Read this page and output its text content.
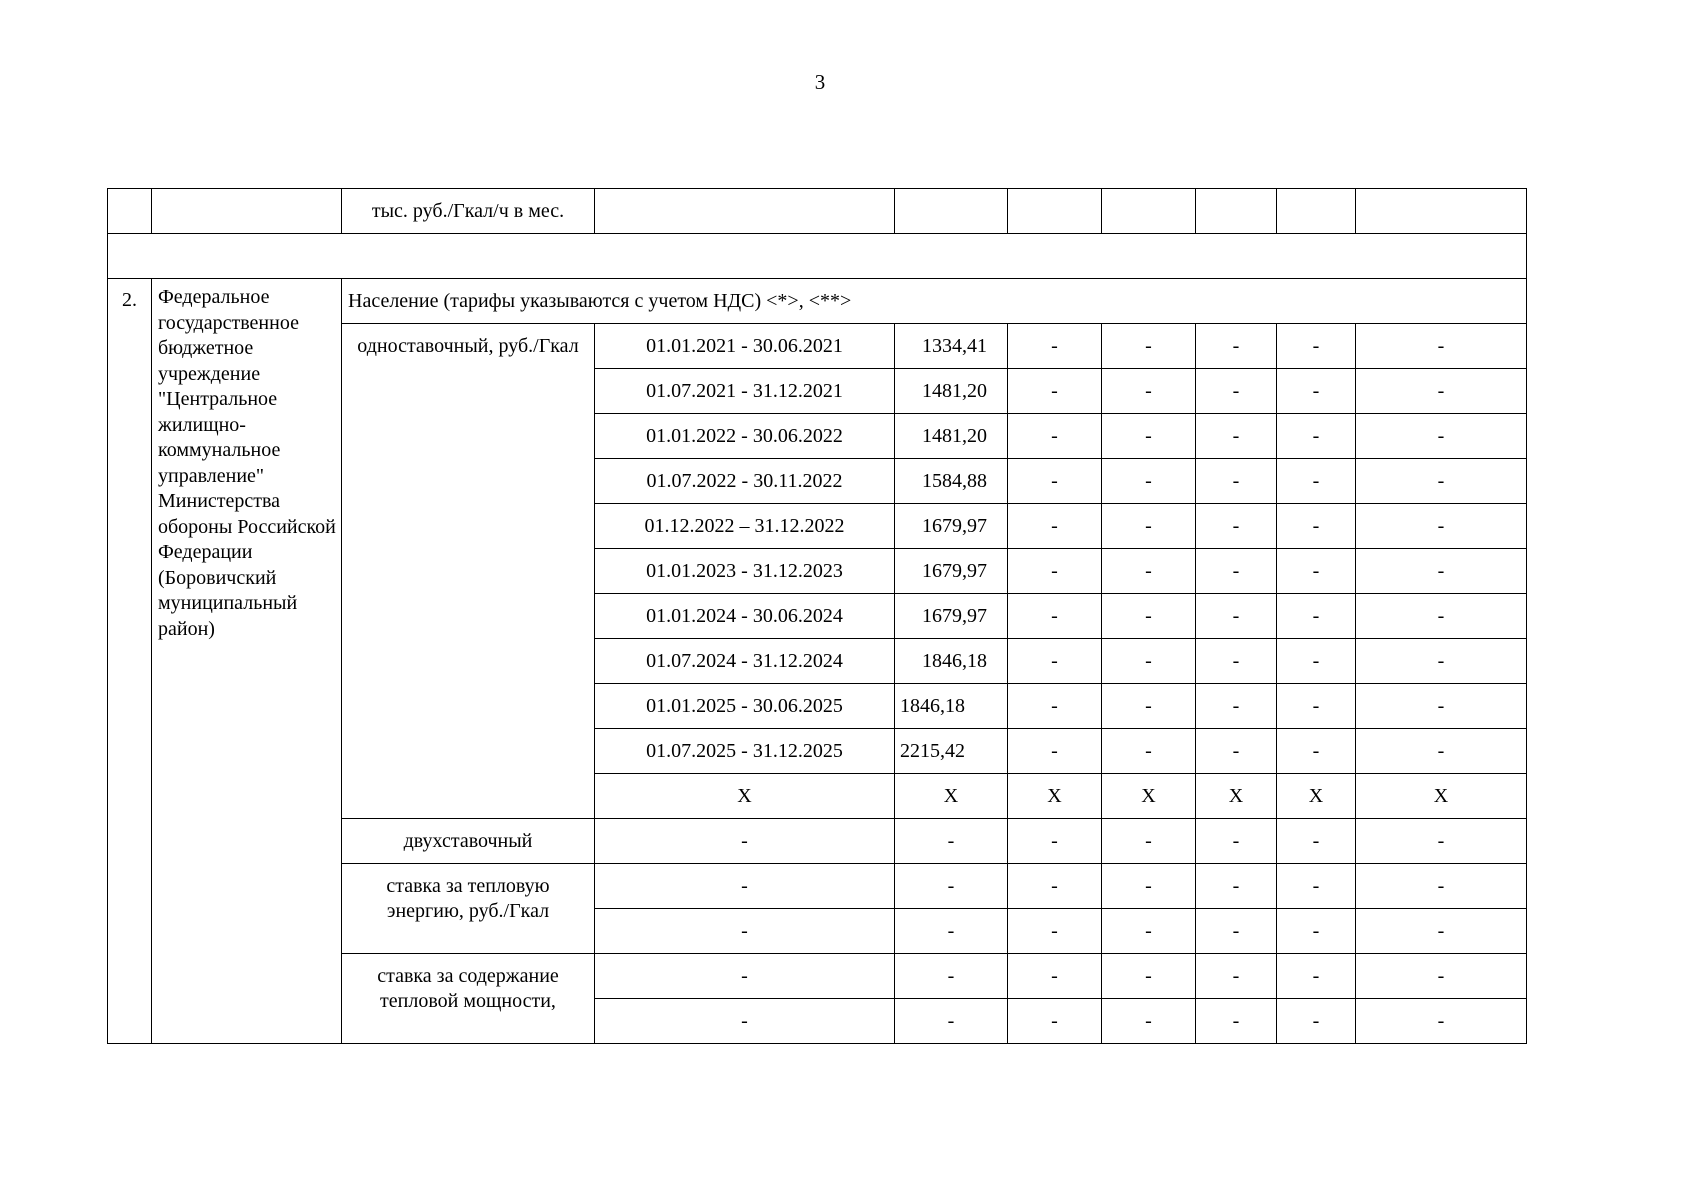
3
		тыс. руб./Гкал/ч в мес.							

2.	Федеральное государственное бюджетное учреждение "Центральное жилищно-коммунальное управление" Министерства обороны Российской Федерации (Боровичский муниципальный район)	Население (тарифы указываются с учетом НДС) <*>, <**>							
		одноставочный, руб./Гкал	01.01.2021 - 30.06.2021	1334,41	-	-	-	-	-
			01.07.2021 - 31.12.2021	1481,20	-	-	-	-	-
			01.01.2022 - 30.06.2022	1481,20	-	-	-	-	-
			01.07.2022 - 30.11.2022	1584,88	-	-	-	-	-
			01.12.2022 – 31.12.2022	1679,97	-	-	-	-	-
			01.01.2023 - 31.12.2023	1679,97	-	-	-	-	-
			01.01.2024 - 30.06.2024	1679,97	-	-	-	-	-
			01.07.2024 - 31.12.2024	1846,18	-	-	-	-	-
			01.01.2025 - 30.06.2025	1846,18	-	-	-	-	-
			01.07.2025 - 31.12.2025	2215,42	-	-	-	-	-
			X	X	X	X	X	X	X
		двухставочный	-	-	-	-	-	-	-
		ставка за тепловую энергию, руб./Гкал	-	-	-	-	-	-	-
			-	-	-	-	-	-	-
		ставка за содержание тепловой мощности,	-	-	-	-	-	-	-
			-	-	-	-	-	-	-
